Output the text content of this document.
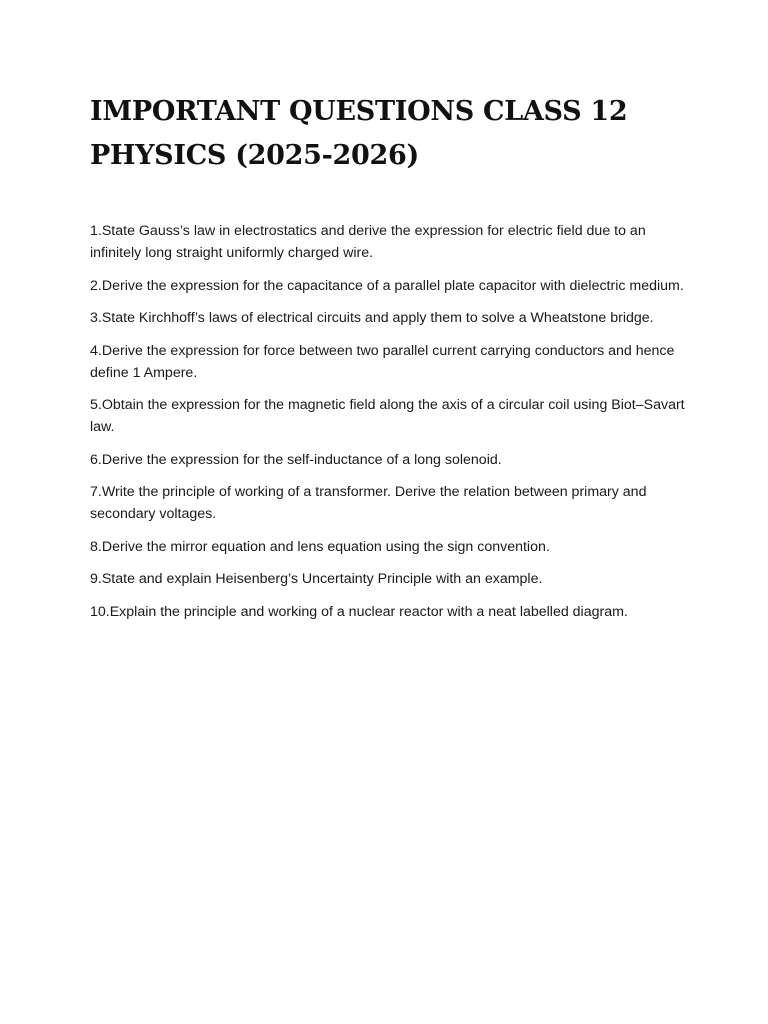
IMPORTANT QUESTIONS CLASS 12 PHYSICS (2025-2026)
1.State Gauss’s law in electrostatics and derive the expression for electric field due to an infinitely long straight uniformly charged wire.
2.Derive the expression for the capacitance of a parallel plate capacitor with dielectric medium.
3.State Kirchhoff’s laws of electrical circuits and apply them to solve a Wheatstone bridge.
4.Derive the expression for force between two parallel current carrying conductors and hence define 1 Ampere.
5.Obtain the expression for the magnetic field along the axis of a circular coil using Biot–Savart law.
6.Derive the expression for the self-inductance of a long solenoid.
7.Write the principle of working of a transformer. Derive the relation between primary and secondary voltages.
8.Derive the mirror equation and lens equation using the sign convention.
9.State and explain Heisenberg’s Uncertainty Principle with an example.
10.Explain the principle and working of a nuclear reactor with a neat labelled diagram.
